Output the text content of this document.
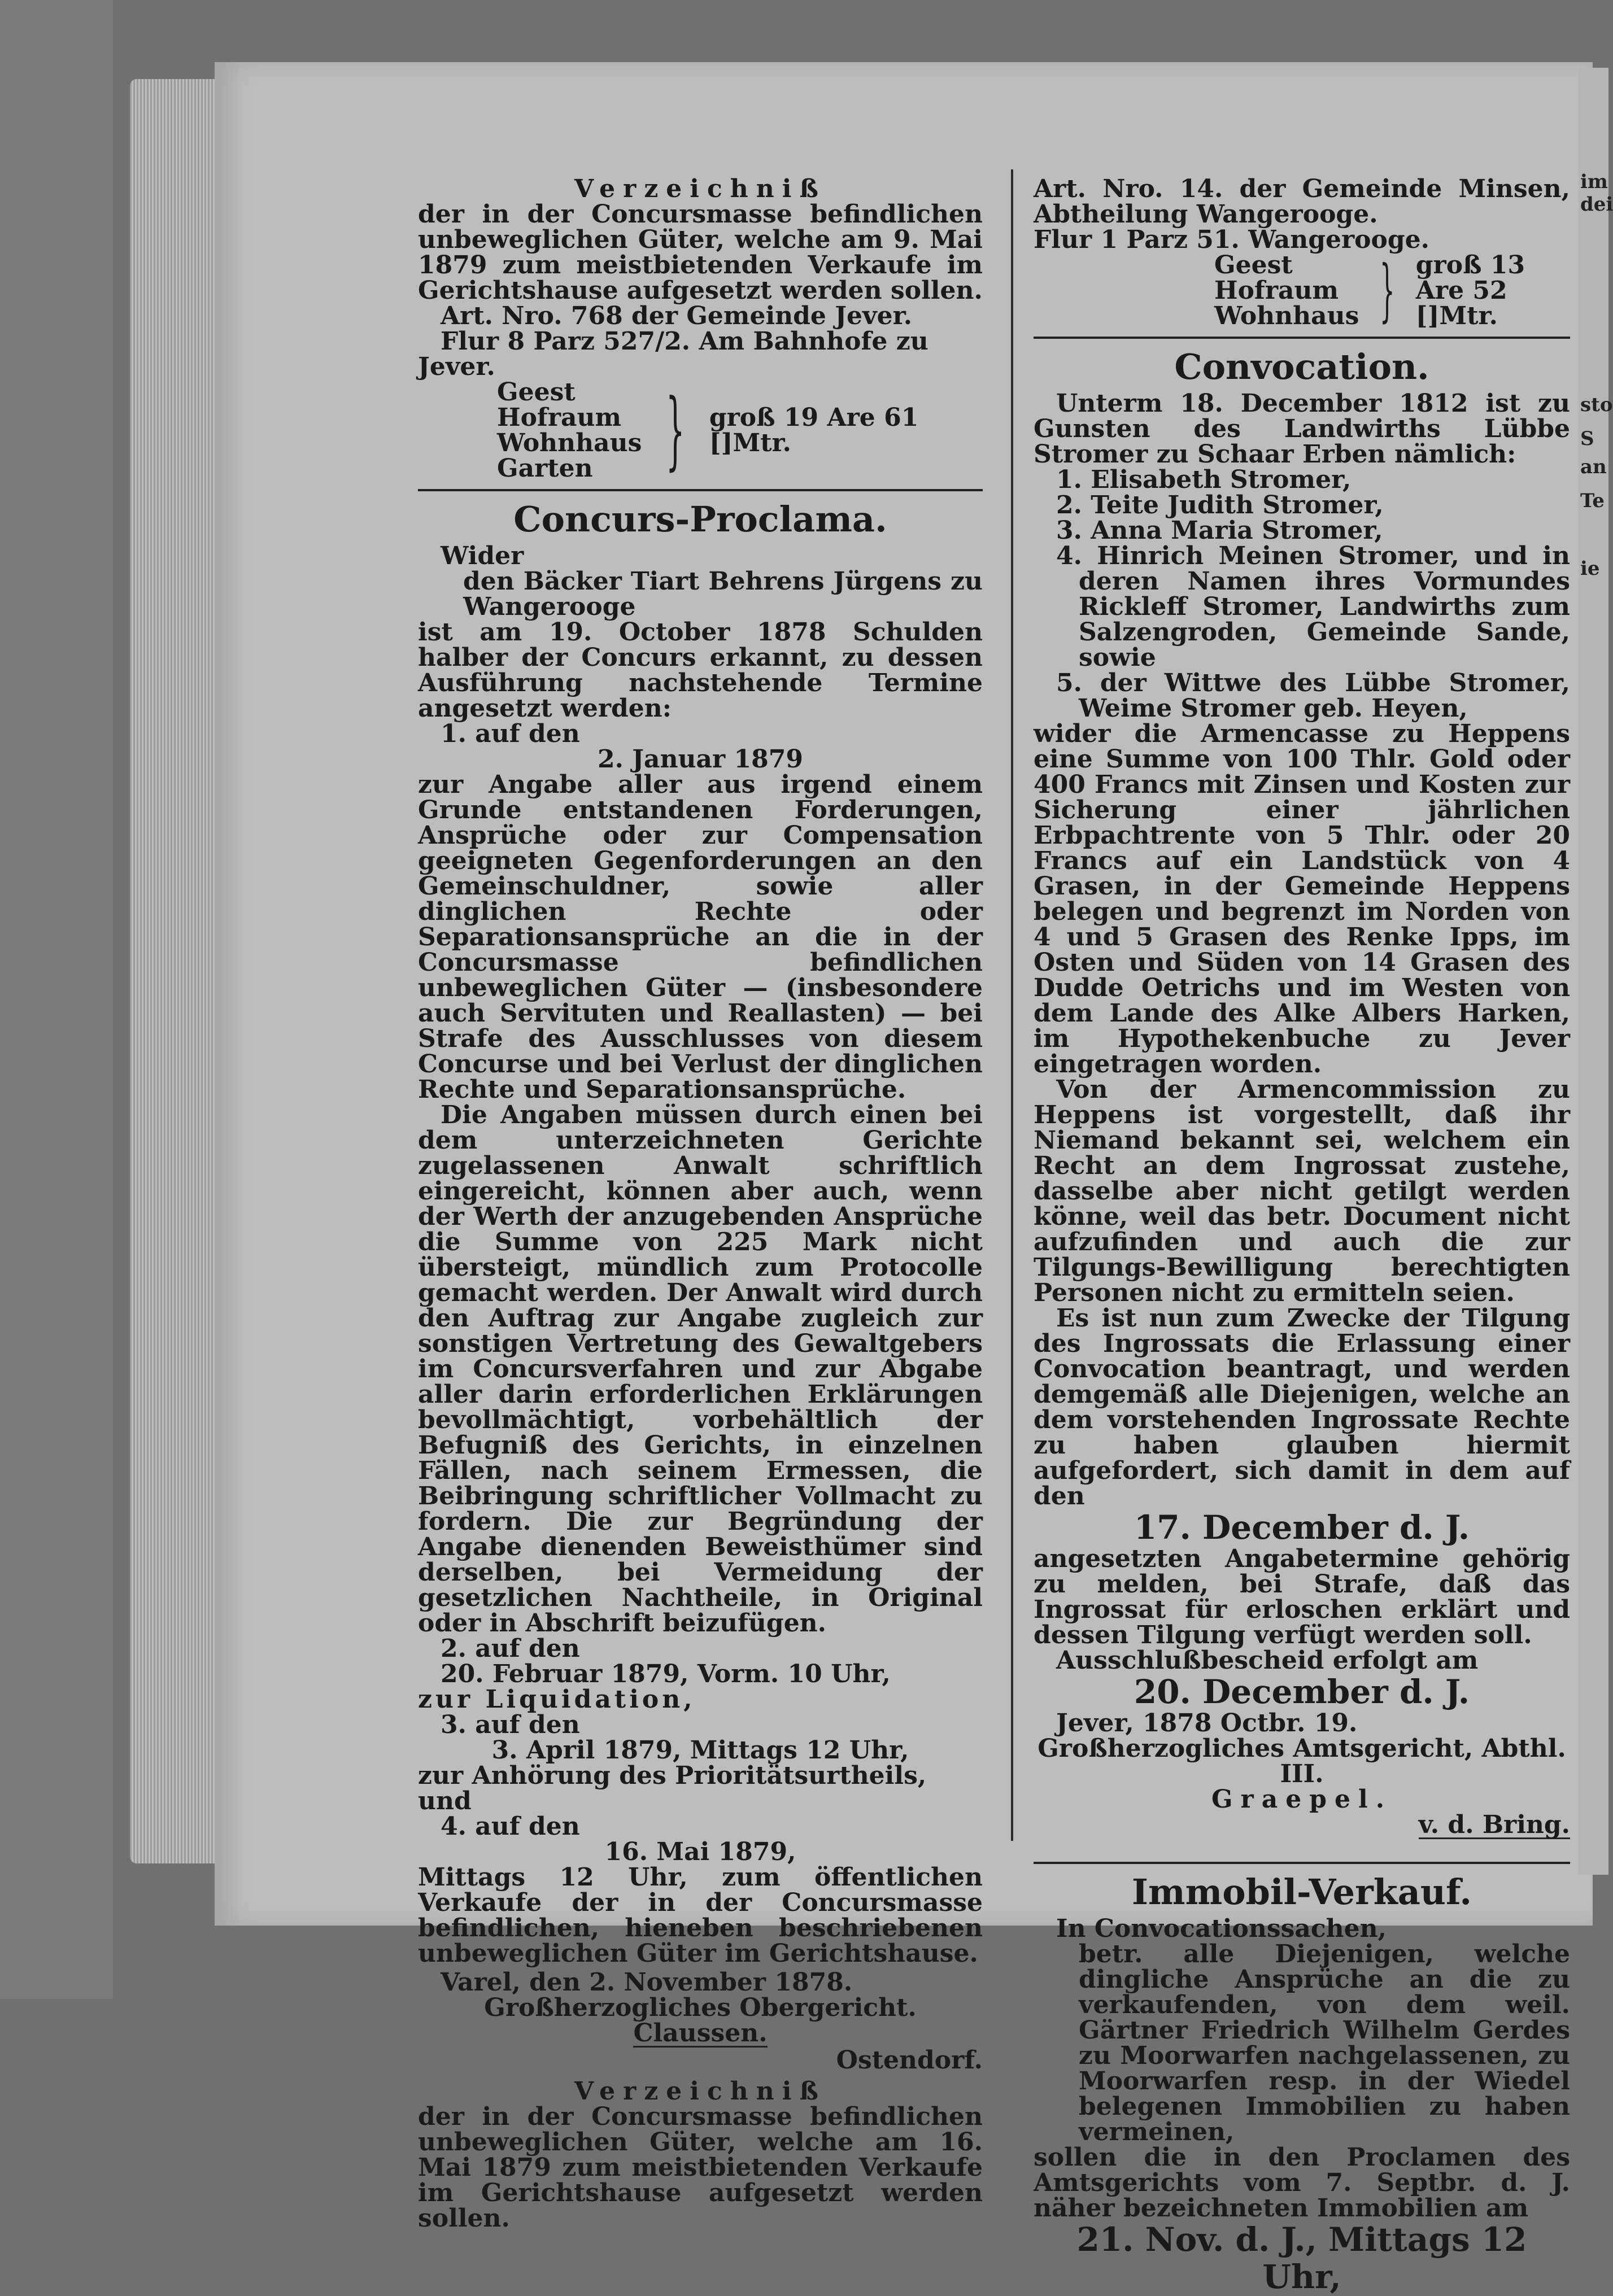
im
dei
sto
S
an
Te
ie
Verzeichniß
der in der Concursmasse befindlichen unbeweglichen Güter, welche am 9. Mai 1879 zum meistbietenden Verkaufe im Gerichtshause aufgesetzt werden sollen.
Art. Nro. 768 der Gemeinde Jever.
Flur 8 Parz 527/2. Am Bahnhofe zu Jever.
Geest
Hofraum
Wohnhaus
Garten } groß 19 Are 61 []Mtr.
Concurs-Proclama.
Wider
den Bäcker Tiart Behrens Jürgens zu Wangerooge
ist am 19. October 1878 Schulden halber der Concurs erkannt, zu dessen Ausführung nachstehende Termine angesetzt werden:
1. auf den
2. Januar 1879
zur Angabe aller aus irgend einem Grunde entstandenen Forderungen, Ansprüche oder zur Compensation geeigneten Gegenforderungen an den Gemeinschuldner, sowie aller dinglichen Rechte oder Separationsansprüche an die in der Concursmasse befindlichen unbeweglichen Güter — (insbesondere auch Servituten und Reallasten) — bei Strafe des Ausschlusses von diesem Concurse und bei Verlust der dinglichen Rechte und Separationsansprüche.
Die Angaben müssen durch einen bei dem unterzeichneten Gerichte zugelassenen Anwalt schriftlich eingereicht, können aber auch, wenn der Werth der anzugebenden Ansprüche die Summe von 225 Mark nicht übersteigt, mündlich zum Protocolle gemacht werden. Der Anwalt wird durch den Auftrag zur Angabe zugleich zur sonstigen Vertretung des Gewaltgebers im Concursverfahren und zur Abgabe aller darin erforderlichen Erklärungen bevollmächtigt, vorbehältlich der Befugniß des Gerichts, in einzelnen Fällen, nach seinem Ermessen, die Beibringung schriftlicher Vollmacht zu fordern. Die zur Begründung der Angabe dienenden Beweisthümer sind derselben, bei Vermeidung der gesetzlichen Nachtheile, in Original oder in Abschrift beizufügen.
2. auf den
20. Februar 1879, Vorm. 10 Uhr,
zur Liquidation,
3. auf den
3. April 1879, Mittags 12 Uhr,
zur Anhörung des Prioritätsurtheils, und
4. auf den
16. Mai 1879,
Mittags 12 Uhr, zum öffentlichen Verkaufe der in der Concursmasse befindlichen, hieneben beschriebenen unbeweglichen Güter im Gerichtshause.
Varel, den 2. November 1878.
Großherzogliches Obergericht.
Claussen.
Ostendorf.
Verzeichniß
der in der Concursmasse befindlichen unbeweglichen Güter, welche am 16. Mai 1879 zum meistbietenden Verkaufe im Gerichtshause aufgesetzt werden sollen.
Art. Nro. 14. der Gemeinde Minsen, Abtheilung Wangerooge.
Flur 1 Parz 51. Wangerooge.
Geest
Hofraum
Wohnhaus } groß 13 Are 52 []Mtr.
Convocation.
Unterm 18. December 1812 ist zu Gunsten des Landwirths Lübbe Stromer zu Schaar Erben nämlich:
1. Elisabeth Stromer,
2. Teite Judith Stromer,
3. Anna Maria Stromer,
4. Hinrich Meinen Stromer, und in deren Namen ihres Vormundes Rickleff Stromer, Landwirths zum Salzengroden, Gemeinde Sande, sowie
5. der Wittwe des Lübbe Stromer, Weime Stromer geb. Heyen,
wider die Armencasse zu Heppens eine Summe von 100 Thlr. Gold oder 400 Francs mit Zinsen und Kosten zur Sicherung einer jährlichen Erbpachtrente von 5 Thlr. oder 20 Francs auf ein Landstück von 4 Grasen, in der Gemeinde Heppens belegen und begrenzt im Norden von 4 und 5 Grasen des Renke Ipps, im Osten und Süden von 14 Grasen des Dudde Oetrichs und im Westen von dem Lande des Alke Albers Harken, im Hypothekenbuche zu Jever eingetragen worden.
Von der Armencommission zu Heppens ist vorgestellt, daß ihr Niemand bekannt sei, welchem ein Recht an dem Ingrossat zustehe, dasselbe aber nicht getilgt werden könne, weil das betr. Document nicht aufzufinden und auch die zur Tilgungs-Bewilligung berechtigten Personen nicht zu ermitteln seien.
Es ist nun zum Zwecke der Tilgung des Ingrossats die Erlassung einer Convocation beantragt, und werden demgemäß alle Diejenigen, welche an dem vorstehenden Ingrossate Rechte zu haben glauben hiermit aufgefordert, sich damit in dem auf den
17. December d. J.
angesetzten Angabetermine gehörig zu melden, bei Strafe, daß das Ingrossat für erloschen erklärt und dessen Tilgung verfügt werden soll.
Ausschlußbescheid erfolgt am
20. December d. J.
Jever, 1878 Octbr. 19.
Großherzogliches Amtsgericht, Abthl. III.
Graepel.
v. d. Bring.
Immobil-Verkauf.
In Convocationssachen,
betr. alle Diejenigen, welche dingliche Ansprüche an die zu verkaufenden, von dem weil. Gärtner Friedrich Wilhelm Gerdes zu Moorwarfen nachgelassenen, zu Moorwarfen resp. in der Wiedel belegenen Immobilien zu haben vermeinen,
sollen die in den Proclamen des Amtsgerichts vom 7. Septbr. d. J. näher bezeichneten Immobilien am
21. Nov. d. J., Mittags 12 Uhr,
